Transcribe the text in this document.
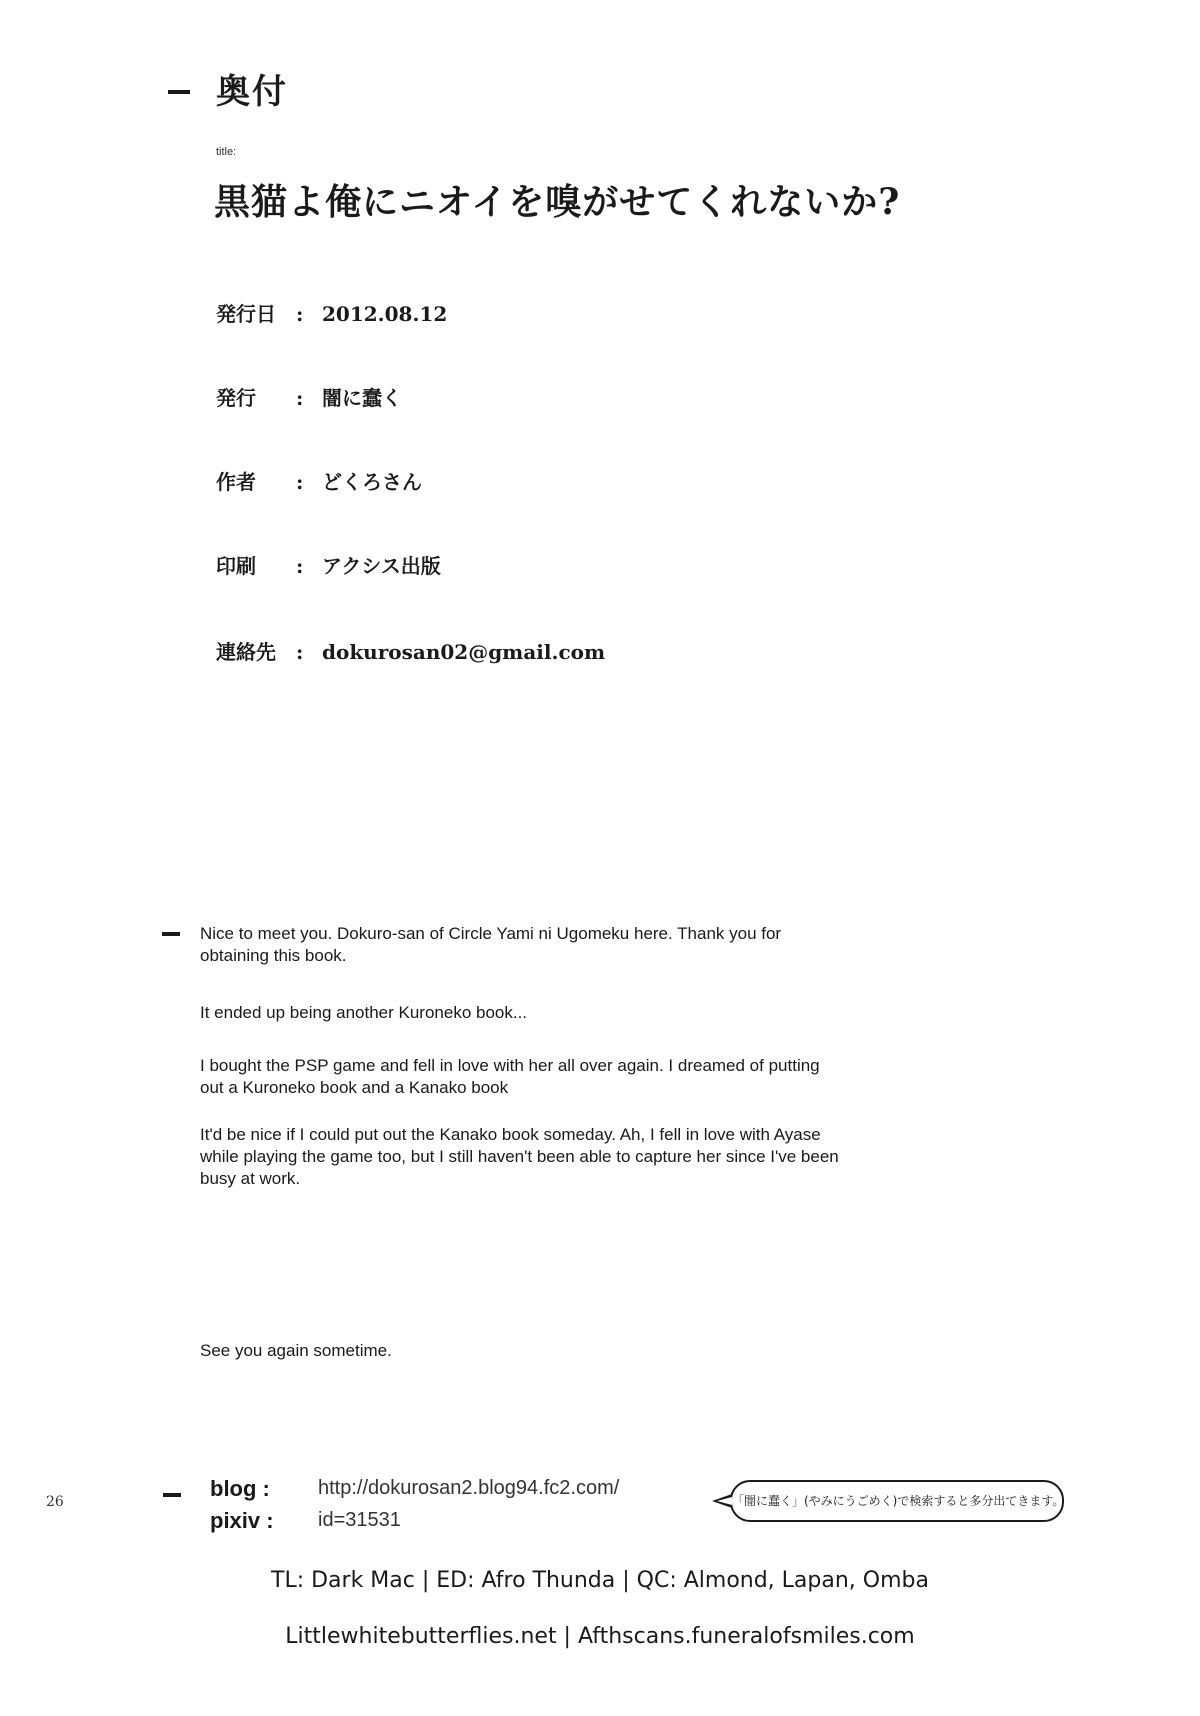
奥付
title:
黒猫よ俺にニオイを嗅がせてくれないか?
発行日	: 2012.08.12
発行	: 闇に蠢く
作者	: どくろさん
印刷	: アクシス出版
連絡先	: dokurosan02@gmail.com

Nice to meet you. Dokuro-san of Circle Yami ni Ugomeku here. Thank you for obtaining this book.

It ended up being another Kuroneko book...

I bought the PSP game and fell in love with her all over again. I dreamed of putting out a Kuroneko book and a Kanako book

It'd be nice if I could put out the Kanako book someday. Ah, I fell in love with Ayase while playing the game too, but I still haven't been able to capture her since I've been busy at work.

See you again sometime.

26
blog : http://dokurosan2.blog94.fc2.com/
pixiv : id=31531
「闇に蠢く」(やみにうごめく)で検索すると多分出てきます。
TL: Dark Mac | ED: Afro Thunda | QC: Almond, Lapan, Omba
Littlewhitebutterflies.net | Afthscans.funeralofsmiles.com
